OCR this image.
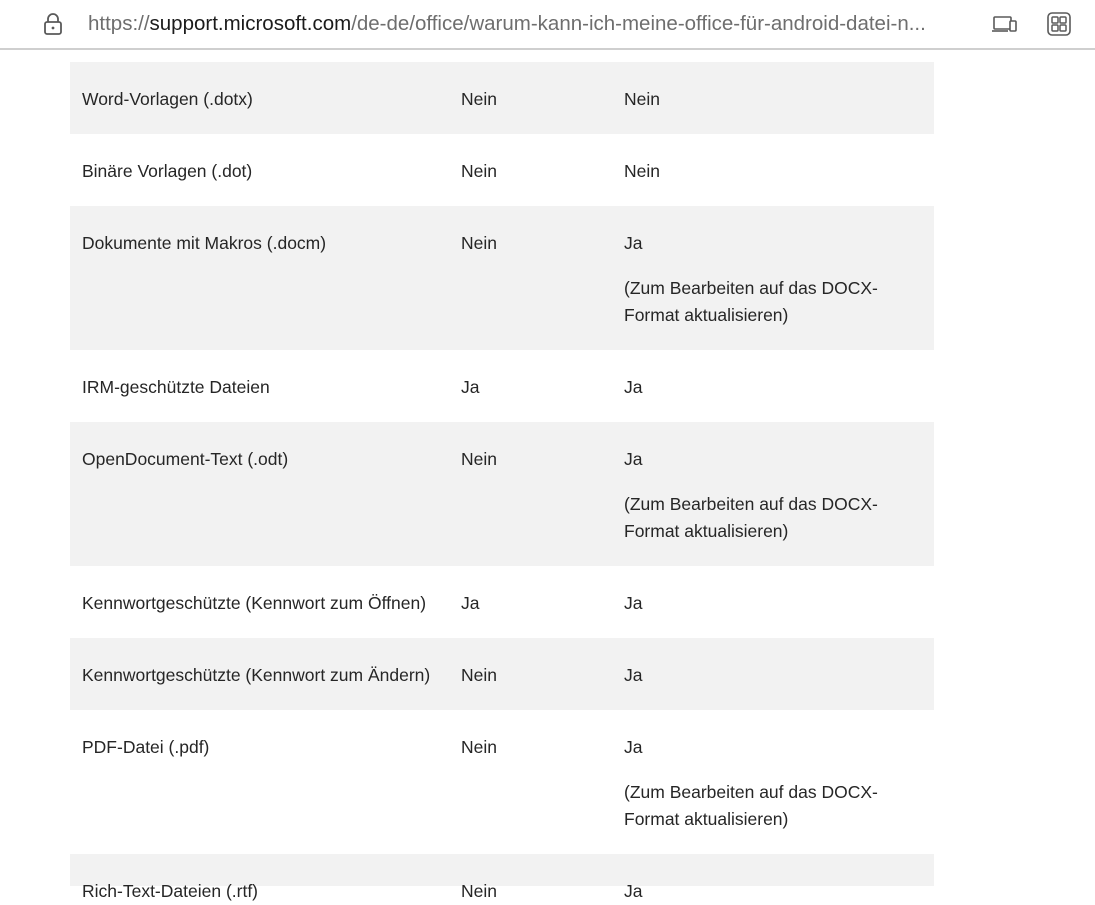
https://support.microsoft.com/de-de/office/warum-kann-ich-meine-office-für-android-datei-n...
Word-Vorlagen (.dotx)	Nein	Nein
Binäre Vorlagen (.dot)	Nein	Nein
Dokumente mit Makros (.docm)	Nein	Ja
(Zum Bearbeiten auf das DOCX-Format aktualisieren)
IRM-geschützte Dateien	Ja	Ja
OpenDocument-Text (.odt)	Nein	Ja
(Zum Bearbeiten auf das DOCX-Format aktualisieren)
Kennwortgeschützte (Kennwort zum Öffnen)	Ja	Ja
Kennwortgeschützte (Kennwort zum Ändern)	Nein	Ja
PDF-Datei (.pdf)	Nein	Ja
(Zum Bearbeiten auf das DOCX-Format aktualisieren)
Rich-Text-Dateien (.rtf)	Nein	Ja
